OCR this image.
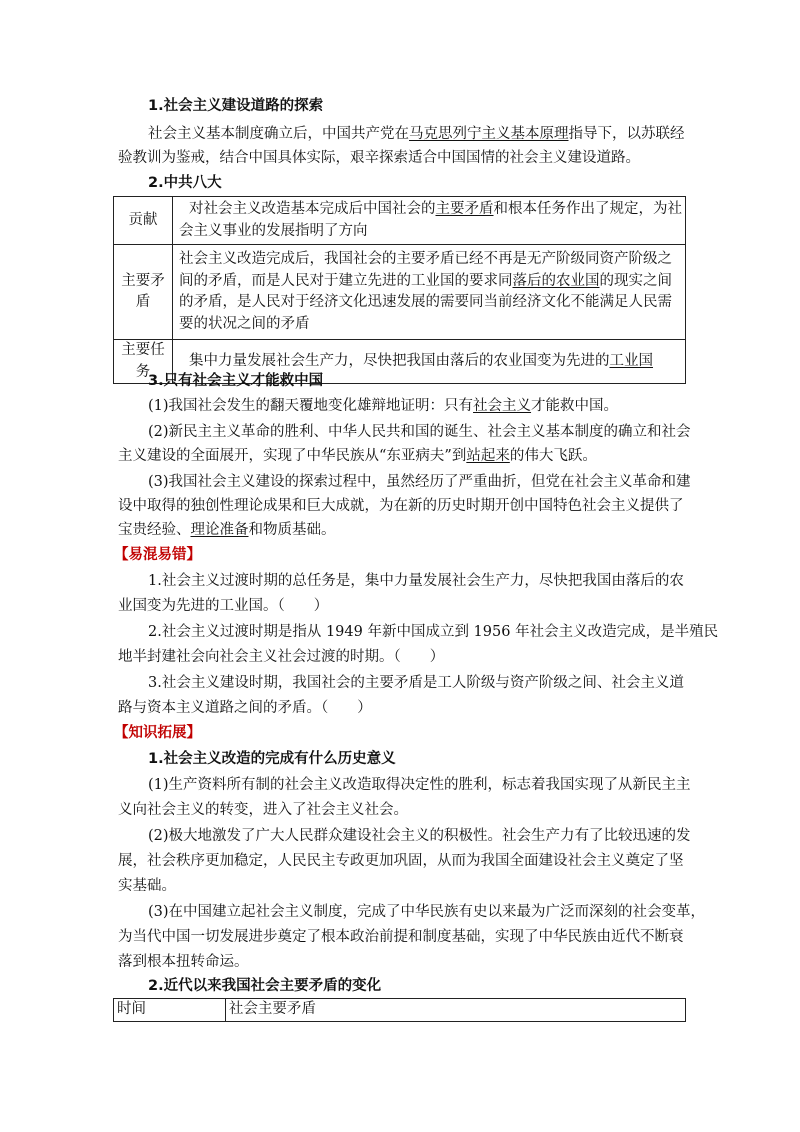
1.社会主义建设道路的探索
社会主义基本制度确立后，中国共产党在马克思列宁主义基本原理指导下，以苏联经
验教训为鉴戒，结合中国具体实际，艰辛探索适合中国国情的社会主义建设道路。
2.中共八大
贡献	对社会主义改造基本完成后中国社会的主要矛盾和根本任务作出了规定，为社
会主义事业的发展指明了方向

主要矛盾	社会主义改造完成后，我国社会的主要矛盾已经不再是无产阶级同资产阶级之
间的矛盾，而是人民对于建立先进的工业国的要求同落后的农业国的现实之间
的矛盾，是人民对于经济文化迅速发展的需要同当前经济文化不能满足人民需
要的状况之间的矛盾

主要任务	集中力量发展社会生产力，尽快把我国由落后的农业国变为先进的工业国
3.只有社会主义才能救中国
(1)我国社会发生的翻天覆地变化雄辩地证明：只有社会主义才能救中国。
(2)新民主主义革命的胜利、中华人民共和国的诞生、社会主义基本制度的确立和社会
主义建设的全面展开，实现了中华民族从“东亚病夫”到站起来的伟大飞跃。
(3)我国社会主义建设的探索过程中，虽然经历了严重曲折，但党在社会主义革命和建
设中取得的独创性理论成果和巨大成就，为在新的历史时期开创中国特色社会主义提供了
宝贵经验、理论准备和物质基础。
【易混易错】
1.社会主义过渡时期的总任务是，集中力量发展社会生产力，尽快把我国由落后的农
业国变为先进的工业国。（　　）
2.社会主义过渡时期是指从 1949 年新中国成立到 1956 年社会主义改造完成，是半殖民
地半封建社会向社会主义社会过渡的时期。（　　）
3.社会主义建设时期，我国社会的主要矛盾是工人阶级与资产阶级之间、社会主义道
路与资本主义道路之间的矛盾。（　　）
【知识拓展】
1.社会主义改造的完成有什么历史意义
(1)生产资料所有制的社会主义改造取得决定性的胜利，标志着我国实现了从新民主主
义向社会主义的转变，进入了社会主义社会。
(2)极大地激发了广大人民群众建设社会主义的积极性。社会生产力有了比较迅速的发
展，社会秩序更加稳定，人民民主专政更加巩固，从而为我国全面建设社会主义奠定了坚
实基础。
(3)在中国建立起社会主义制度，完成了中华民族有史以来最为广泛而深刻的社会变革，
为当代中国一切发展进步奠定了根本政治前提和制度基础，实现了中华民族由近代不断衰
落到根本扭转命运。
2.近代以来我国社会主要矛盾的变化
时间	社会主要矛盾
